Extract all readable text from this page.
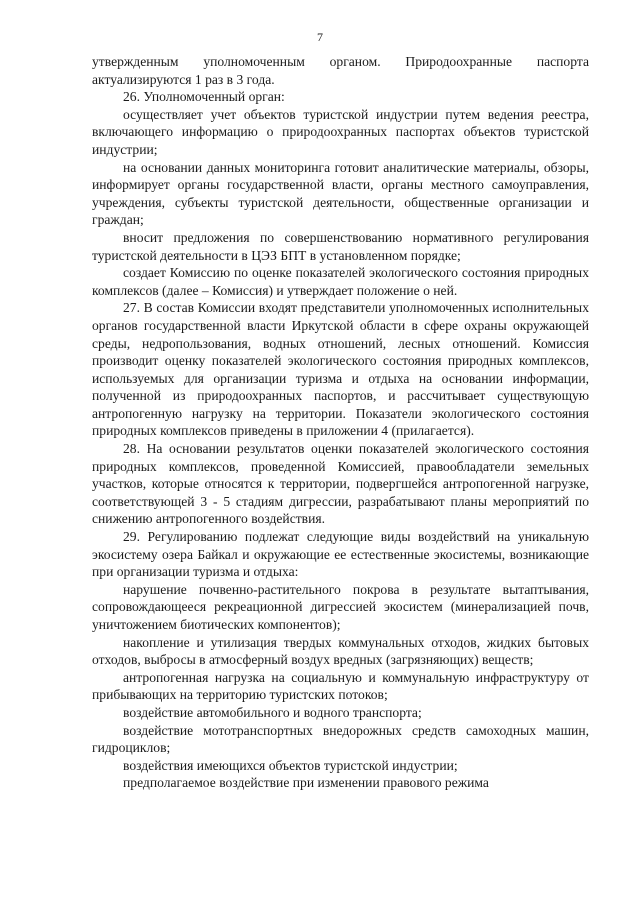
7

утвержденным уполномоченным органом. Природоохранные паспорта актуализируются 1 раз в 3 года.

26. Уполномоченный орган:

осуществляет учет объектов туристской индустрии путем ведения реестра, включающего информацию о природоохранных паспортах объектов туристской индустрии;

на основании данных мониторинга готовит аналитические материалы, обзоры, информирует органы государственной власти, органы местного самоуправления, учреждения, субъекты туристской деятельности, общественные организации и граждан;

вносит предложения по совершенствованию нормативного регулирования туристской деятельности в ЦЭЗ БПТ в установленном порядке;

создает Комиссию по оценке показателей экологического состояния природных комплексов (далее – Комиссия) и утверждает положение о ней.

27. В состав Комиссии входят представители уполномоченных исполнительных органов государственной власти Иркутской области в сфере охраны окружающей среды, недропользования, водных отношений, лесных отношений. Комиссия производит оценку показателей экологического состояния природных комплексов, используемых для организации туризма и отдыха на основании информации, полученной из природоохранных паспортов, и рассчитывает существующую антропогенную нагрузку на территории. Показатели экологического состояния природных комплексов приведены в приложении 4 (прилагается).

28. На основании результатов оценки показателей экологического состояния природных комплексов, проведенной Комиссией, правообладатели земельных участков, которые относятся к территории, подвергшейся антропогенной нагрузке, соответствующей 3 - 5 стадиям дигрессии, разрабатывают планы мероприятий по снижению антропогенного воздействия.

29. Регулированию подлежат следующие виды воздействий на уникальную экосистему озера Байкал и окружающие ее естественные экосистемы, возникающие при организации туризма и отдыха:

нарушение почвенно-растительного покрова в результате вытаптывания, сопровождающееся рекреационной дигрессией экосистем (минерализацией почв, уничтожением биотических компонентов);

накопление и утилизация твердых коммунальных отходов, жидких бытовых отходов, выбросы в атмосферный воздух вредных (загрязняющих) веществ;

антропогенная нагрузка на социальную и коммунальную инфраструктуру от прибывающих на территорию туристских потоков;

воздействие автомобильного и водного транспорта;

воздействие мототранспортных внедорожных средств самоходных машин, гидроциклов;

воздействия имеющихся объектов туристской индустрии;

предполагаемое воздействие при изменении правового режима
